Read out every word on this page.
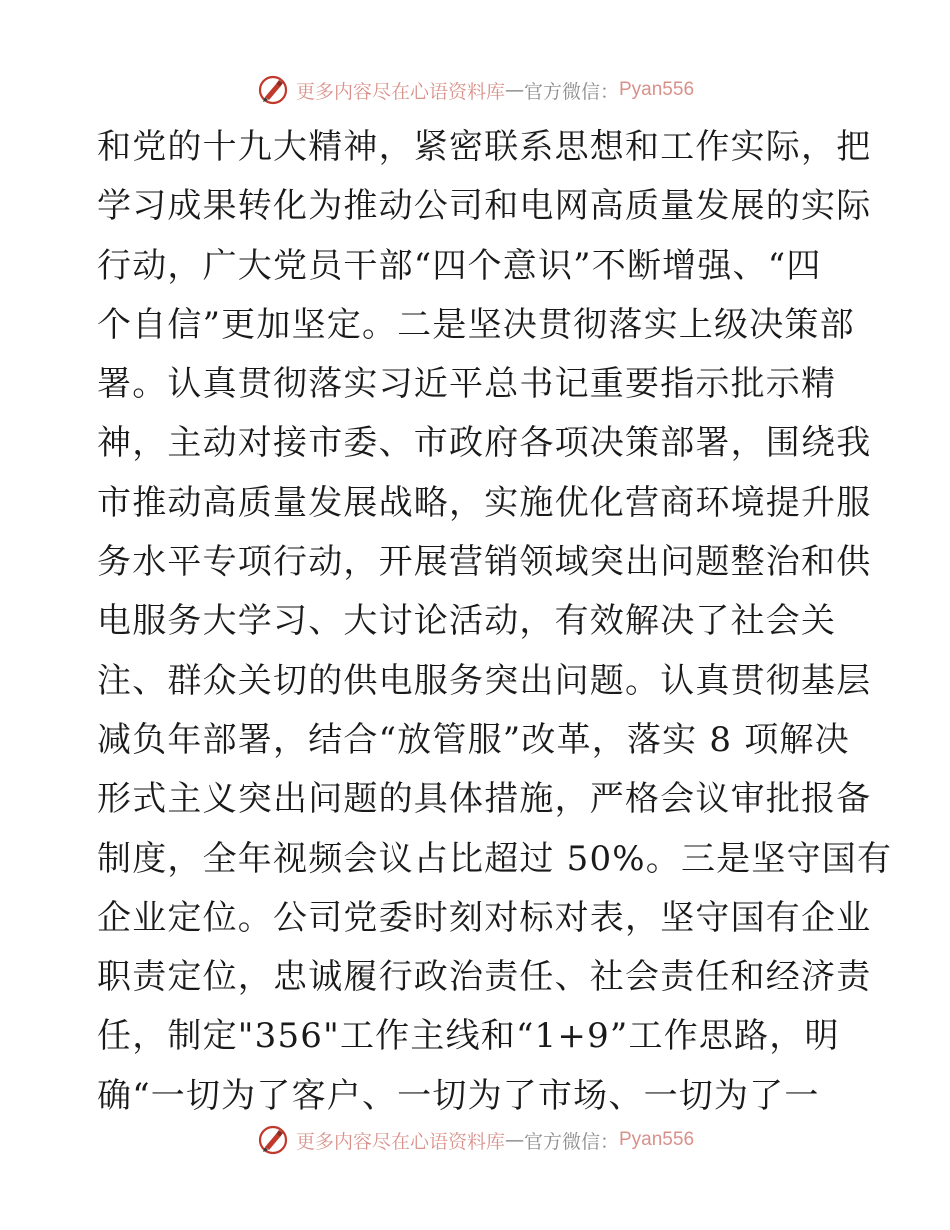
更多内容尽在心语资料库 — 官方微信： Pyan556
和党的十九大精神，紧密联系思想和工作实际，把
学习成果转化为推动公司和电网高质量发展的实际
行动，广大党员干部“四个意识”不断增强、“四
个自信”更加坚定。二是坚决贯彻落实上级决策部
署。认真贯彻落实习近平总书记重要指示批示精
神，主动对接市委、市政府各项决策部署，围绕我
市推动高质量发展战略，实施优化营商环境提升服
务水平专项行动，开展营销领域突出问题整治和供
电服务大学习、大讨论活动，有效解决了社会关
注、群众关切的供电服务突出问题。认真贯彻基层
减负年部署，结合“放管服”改革，落实 8 项解决
形式主义突出问题的具体措施，严格会议审批报备
制度，全年视频会议占比超过 50%。三是坚守国有
企业定位。公司党委时刻对标对表，坚守国有企业
职责定位，忠诚履行政治责任、社会责任和经济责
任，制定"356"工作主线和“1+9”工作思路，明
确“一切为了客户、一切为了市场、一切为了一
更多内容尽在心语资料库 — 官方微信： Pyan556
